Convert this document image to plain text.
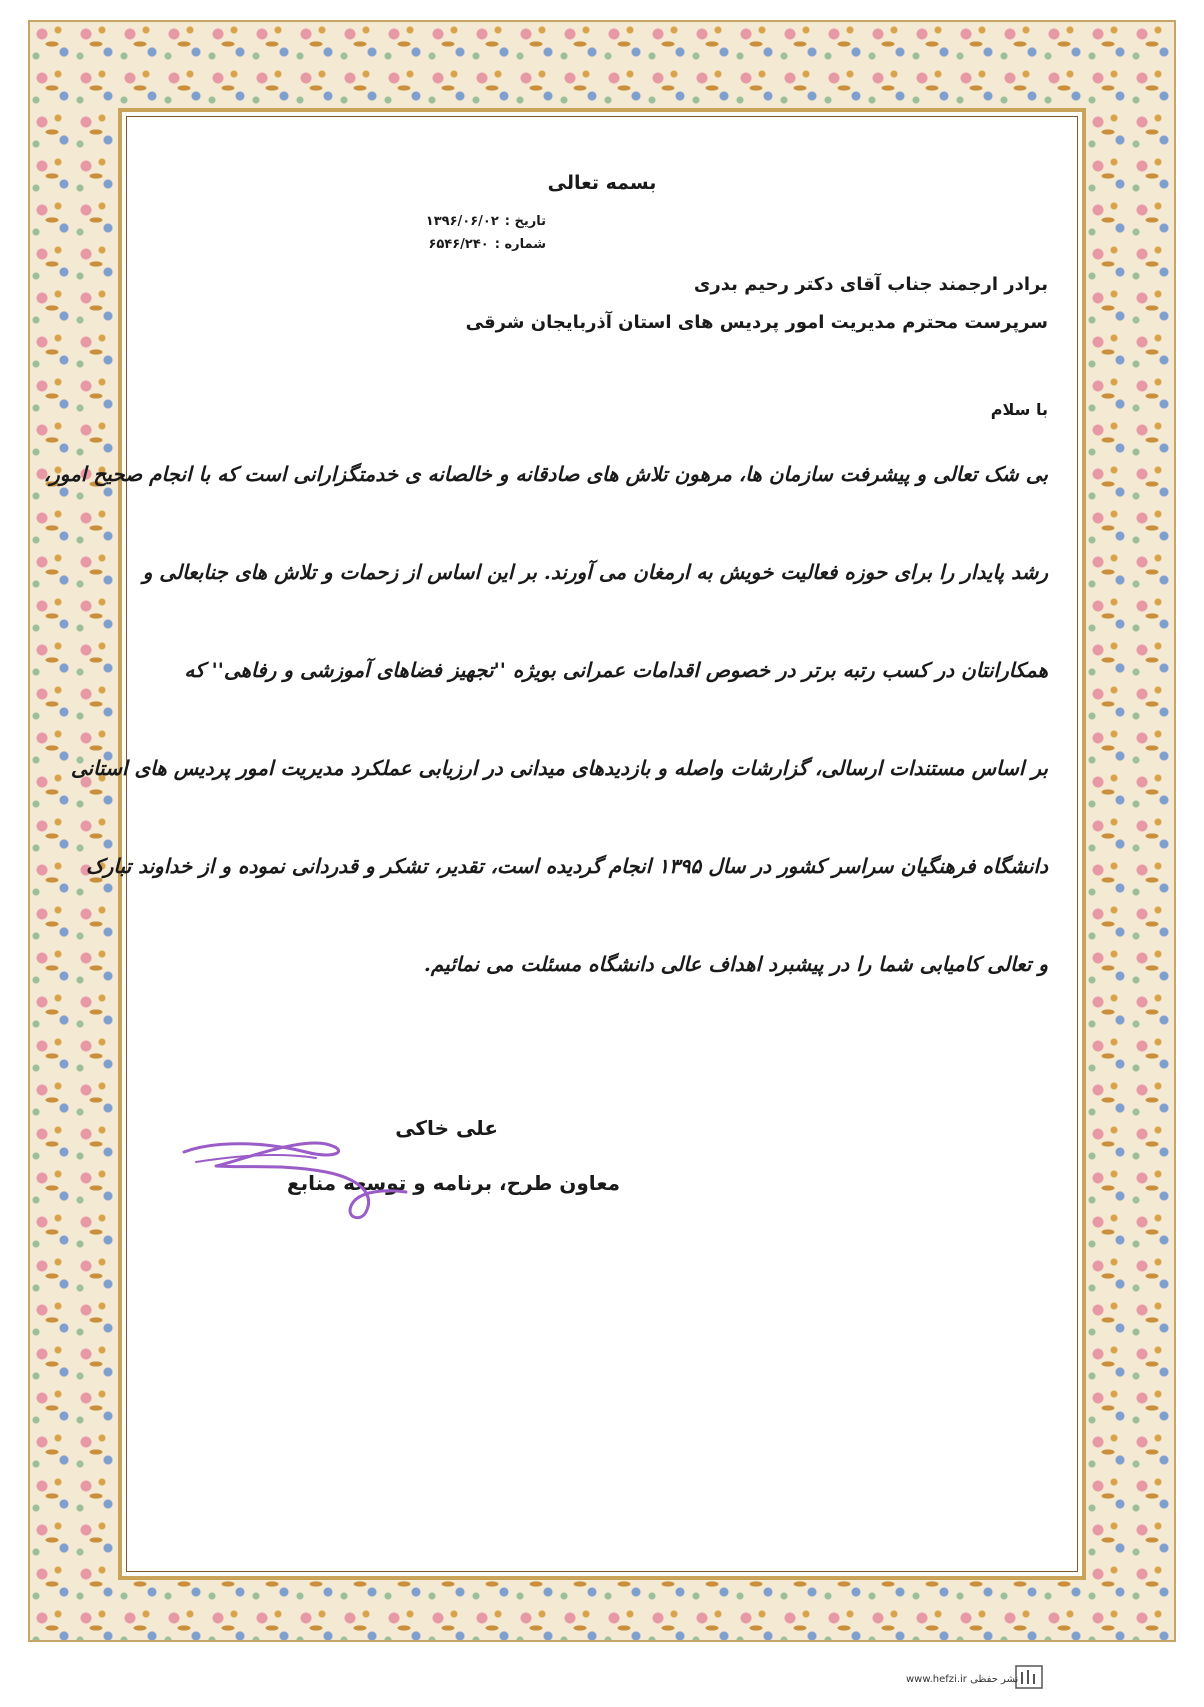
بسمه تعالی
تاریخ :۱۳۹۶/۰۶/۰۲
شماره :۶۵۴۶/۲۴۰
برادر ارجمند جناب آقای دکتر رحیم بدری
سرپرست محترم مدیریت امور پردیس های استان آذربایجان شرقی
با سلام
بی شک تعالی و پیشرفت سازمان ها، مرهون تلاش های صادقانه و خالصانه ی خدمتگزارانی است که با انجام صحیح امور،
رشد پایدار را برای حوزه فعالیت خویش به ارمغان می آورند. بر این اساس از زحمات و تلاش های جنابعالی و
همکارانتان در کسب رتبه برتر در خصوص اقدامات عمرانی بویژه ''تجهیز فضاهای آموزشی و رفاهی'' که
بر اساس مستندات ارسالی، گزارشات واصله و بازدیدهای میدانی در ارزیابی عملکرد مدیریت امور پردیس های استانی
دانشگاه فرهنگیان سراسر کشور در سال ۱۳۹۵ انجام گردیده است، تقدیر، تشکر و قدردانی نموده و از خداوند تبارک
و تعالی کامیابی شما را در پیشبرد اهداف عالی دانشگاه مسئلت می نمائیم.
علی خاکی
معاون طرح، برنامه و توسعه منابع
www.hefzi.ir نشر حفظی
